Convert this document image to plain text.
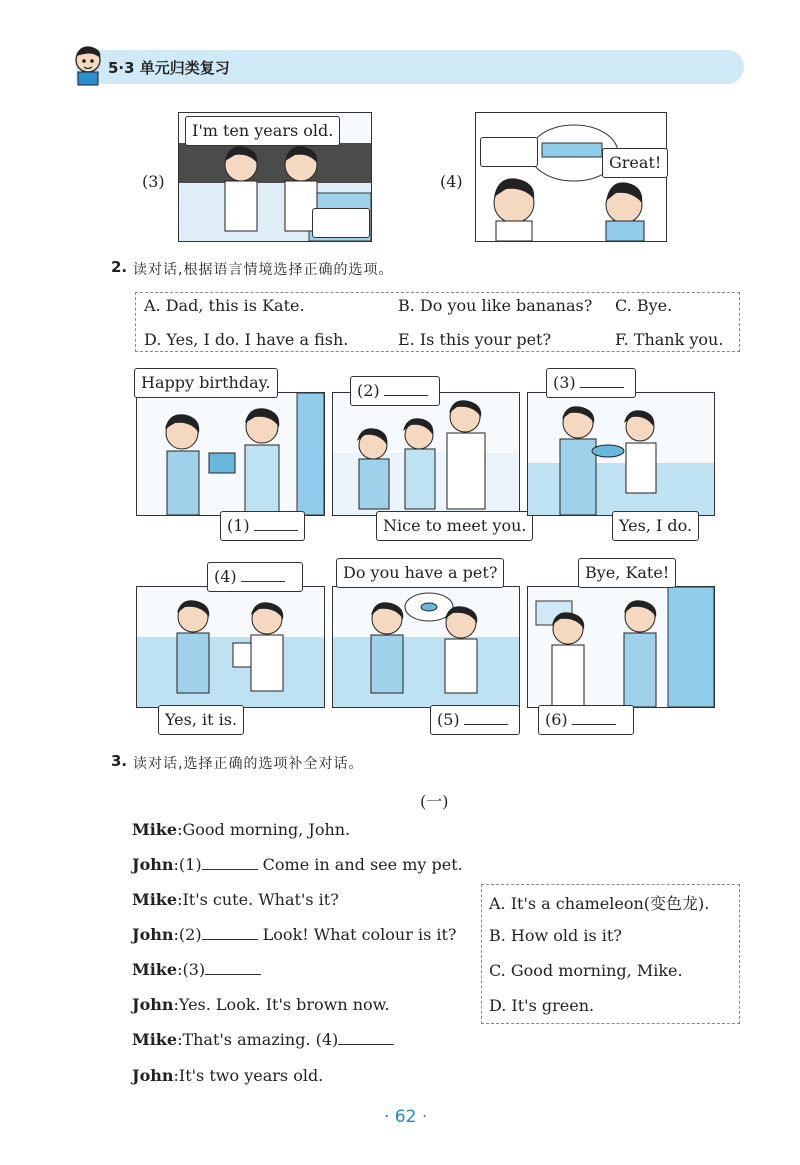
5·3 单元归类复习
(3)
I'm ten years old.
(4)
Great!
2. 读对话,根据语言情境选择正确的选项。
A. Dad, this is Kate.	B. Do you like bananas? C. Bye.
D. Yes, I do. I have a fish.	E. Is this your pet?	F. Thank you.
Happy birthday.
(1)
(2)
Nice to meet you.
(3)
Yes, I do.
(4)
Yes, it is.
Do you have a pet?
(5)
Bye, Kate!
(6)
3. 读对话,选择正确的选项补全对话。
(一)
Mike:Good morning, John.
John:(1)	Come in and see my pet.
Mike:It's cute. What's it?
John:(2)	Look! What colour is it?
Mike:(3)
John:Yes. Look. It's brown now.
Mike:That's amazing. (4)
John:It's two years old.
A. It's a chameleon(变色龙).
B. How old is it?
C. Good morning, Mike.
D. It's green.
· 62 ·
